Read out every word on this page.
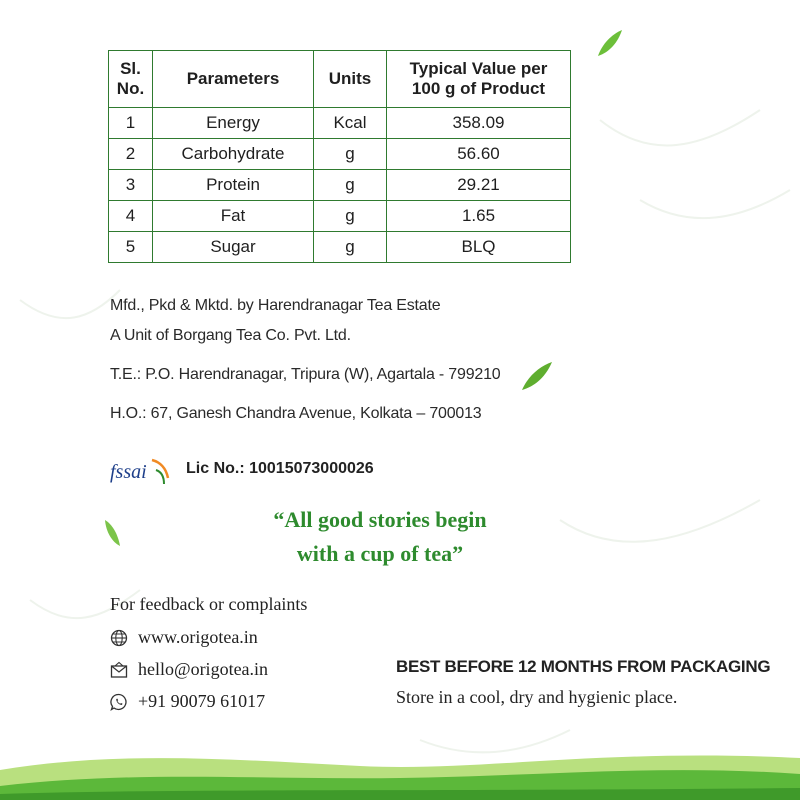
Sl.
No.	Parameters	Units	Typical Value per
100 g of Product
1	Energy	Kcal	358.09
2	Carbohydrate	g	56.60
3	Protein	g	29.21
4	Fat	g	1.65
5	Sugar	g	BLQ
Mfd., Pkd & Mktd. by Harendranagar Tea Estate
A Unit of Borgang Tea Co. Pvt. Ltd.
T.E.: P.O. Harendranagar, Tripura (W), Agartala - 799210
H.O.: 67, Ganesh Chandra Avenue, Kolkata – 700013
fssai Lic No.: 10015073000026
“All good stories begin
with a cup of tea”
For feedback or complaints
www.origotea.in
hello@origotea.in
+91 90079 61017
BEST BEFORE 12 MONTHS FROM PACKAGING
Store in a cool, dry and hygienic place.
